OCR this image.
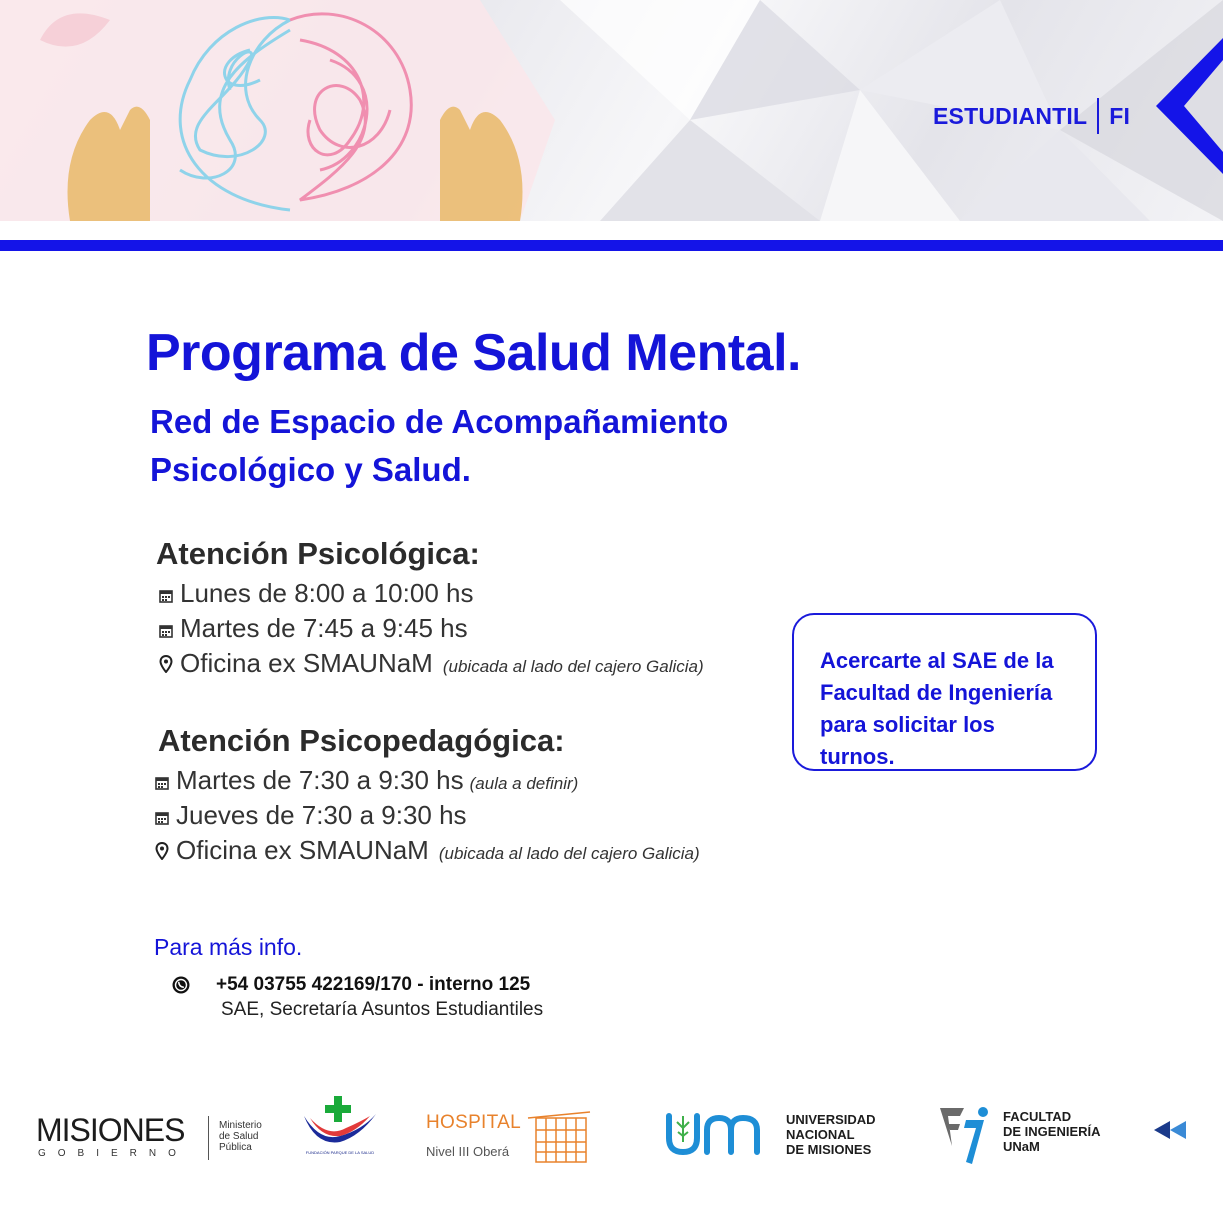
ESTUDIANTIL FI
Programa de Salud Mental.
Red de Espacio de Acompañamiento
Psicológico y Salud.
Atención Psicológica:
Lunes de 8:00 a 10:00 hs
Martes de 7:45 a 9:45 hs
Oficina ex SMAUNaM (ubicada al lado del cajero Galicia)
Atención Psicopedagógica:
Martes de 7:30 a 9:30 hs (aula a definir)
Jueves de 7:30 a 9:30 hs
Oficina ex SMAUNaM (ubicada al lado del cajero Galicia)
Acercarte al SAE de la
Facultad de Ingeniería
para solicitar los turnos.
Para más info.
+54 03755 422169/170 - interno 125
SAE, Secretaría Asuntos Estudiantiles
MISIONES
GOBIERNO
Ministerio
de Salud
Pública	FUNDACIÓN PARQUE DE LA SALUD
HOSPITAL
Nivel III Oberá
UNIVERSIDAD
NACIONAL
DE MISIONES
FACULTAD
DE INGENIERÍA
UNaM
